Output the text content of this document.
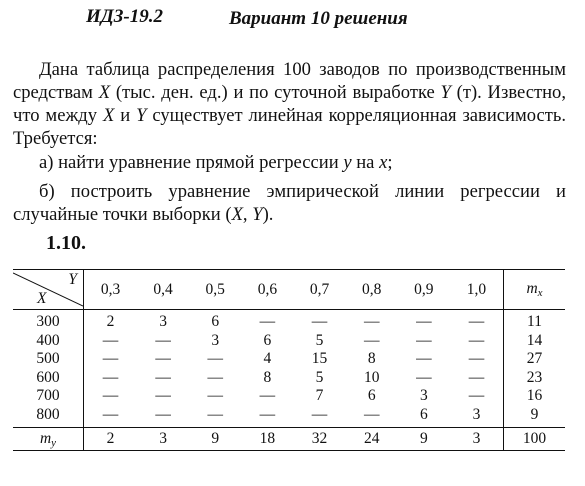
ИДЗ-19.2	Вариант 10 решения
Дана таблица распределения 100 заводов по производственным средствам X (тыс. ден. ед.) и по суточной выработке Y (т). Известно, что между X и Y существует линейная корреляционная зависимость. Требуется:
а) найти уравнение прямой регрессии y на x;
б) построить уравнение эмпирической линии регрессии и случайные точки выборки (X, Y).
1.10.
Y
X	0,3	0,4	0,5	0,6	0,7	0,8	0,9	1,0	$m_x$
300	2	3	6	—	—	—	—	—	11
400	—	—	3	6	5	—	—	—	14
500	—	—	—	4	15	8	—	—	27
600	—	—	—	8	5	10	—	—	23
700	—	—	—	—	7	6	3	—	16
800	—	—	—	—	—	—	6	3	9
$m_y$	2	3	9	18	32	24	9	3	100
